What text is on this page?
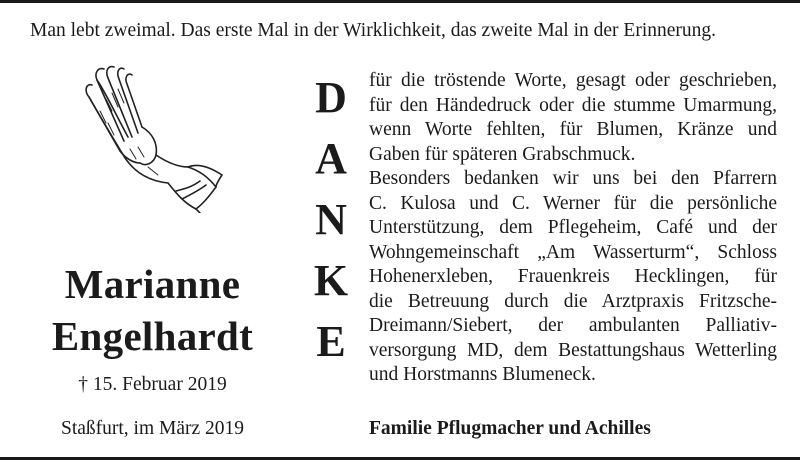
Man lebt zweimal. Das erste Mal in der Wirklichkeit, das zweite Mal in der Erinnerung.
Marianne
Engelhardt
† 15. Februar 2019
Staßfurt, im März 2019
D
A
N
K
E
für die tröstende Worte, gesagt oder geschrieben,
für den Händedruck oder die stumme Umarmung,
wenn Worte fehlten, für Blumen, Kränze und
Gaben für späteren Grabschmuck.
Besonders bedanken wir uns bei den Pfarrern
C. Kulosa und C. Werner für die persönliche
Unterstützung, dem Pflegeheim, Café und der
Wohngemeinschaft „Am Wasserturm“, Schloss
Hohenerxleben, Frauenkreis Hecklingen, für
die Betreuung durch die Arztpraxis Fritzsche-
Dreimann/Siebert, der ambulanten Palliativ-
versorgung MD, dem Bestattungshaus Wetterling
und Horstmanns Blumeneck.
Familie Pflugmacher und Achilles
